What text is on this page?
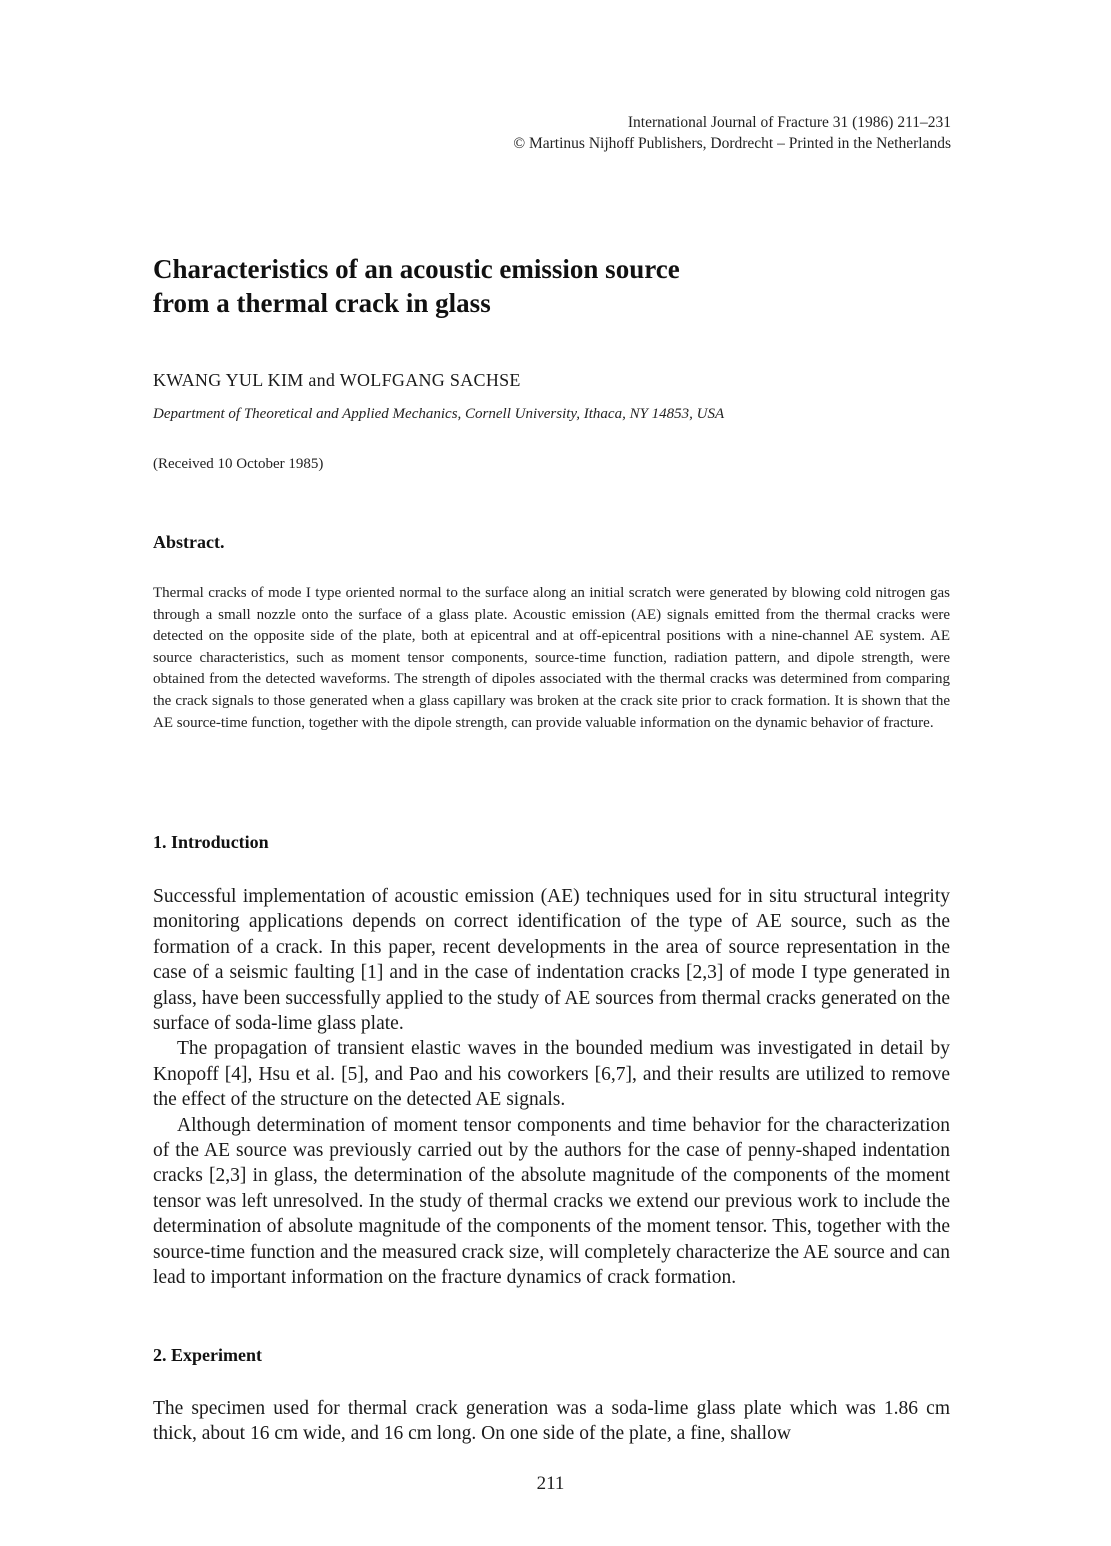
International Journal of Fracture 31 (1986) 211–231
© Martinus Nijhoff Publishers, Dordrecht – Printed in the Netherlands
Characteristics of an acoustic emission source
from a thermal crack in glass
KWANG YUL KIM and WOLFGANG SACHSE
Department of Theoretical and Applied Mechanics, Cornell University, Ithaca, NY 14853, USA
(Received 10 October 1985)
Abstract.

Thermal cracks of mode I type oriented normal to the surface along an initial scratch were generated by blowing cold nitrogen gas through a small nozzle onto the surface of a glass plate. Acoustic emission (AE) signals emitted from the thermal cracks were detected on the opposite side of the plate, both at epicentral and at off-epicentral positions with a nine-channel AE system. AE source characteristics, such as moment tensor components, source-time function, radiation pattern, and dipole strength, were obtained from the detected waveforms. The strength of dipoles associated with the thermal cracks was determined from comparing the crack signals to those generated when a glass capillary was broken at the crack site prior to crack formation. It is shown that the AE source-time function, together with the dipole strength, can provide valuable information on the dynamic behavior of fracture.

1. Introduction

Successful implementation of acoustic emission (AE) techniques used for in situ structural integrity monitoring applications depends on correct identification of the type of AE source, such as the formation of a crack. In this paper, recent developments in the area of source representation in the case of a seismic faulting [1] and in the case of indentation cracks [2,3] of mode I type generated in glass, have been successfully applied to the study of AE sources from thermal cracks generated on the surface of soda-lime glass plate.

The propagation of transient elastic waves in the bounded medium was investigated in detail by Knopoff [4], Hsu et al. [5], and Pao and his coworkers [6,7], and their results are utilized to remove the effect of the structure on the detected AE signals.

Although determination of moment tensor components and time behavior for the characterization of the AE source was previously carried out by the authors for the case of penny-shaped indentation cracks [2,3] in glass, the determination of the absolute magnitude of the components of the moment tensor was left unresolved. In the study of thermal cracks we extend our previous work to include the determination of absolute magnitude of the components of the moment tensor. This, together with the source-time function and the measured crack size, will completely characterize the AE source and can lead to important information on the fracture dynamics of crack formation.

2. Experiment

The specimen used for thermal crack generation was a soda-lime glass plate which was 1.86 cm thick, about 16 cm wide, and 16 cm long. On one side of the plate, a fine, shallow

211
